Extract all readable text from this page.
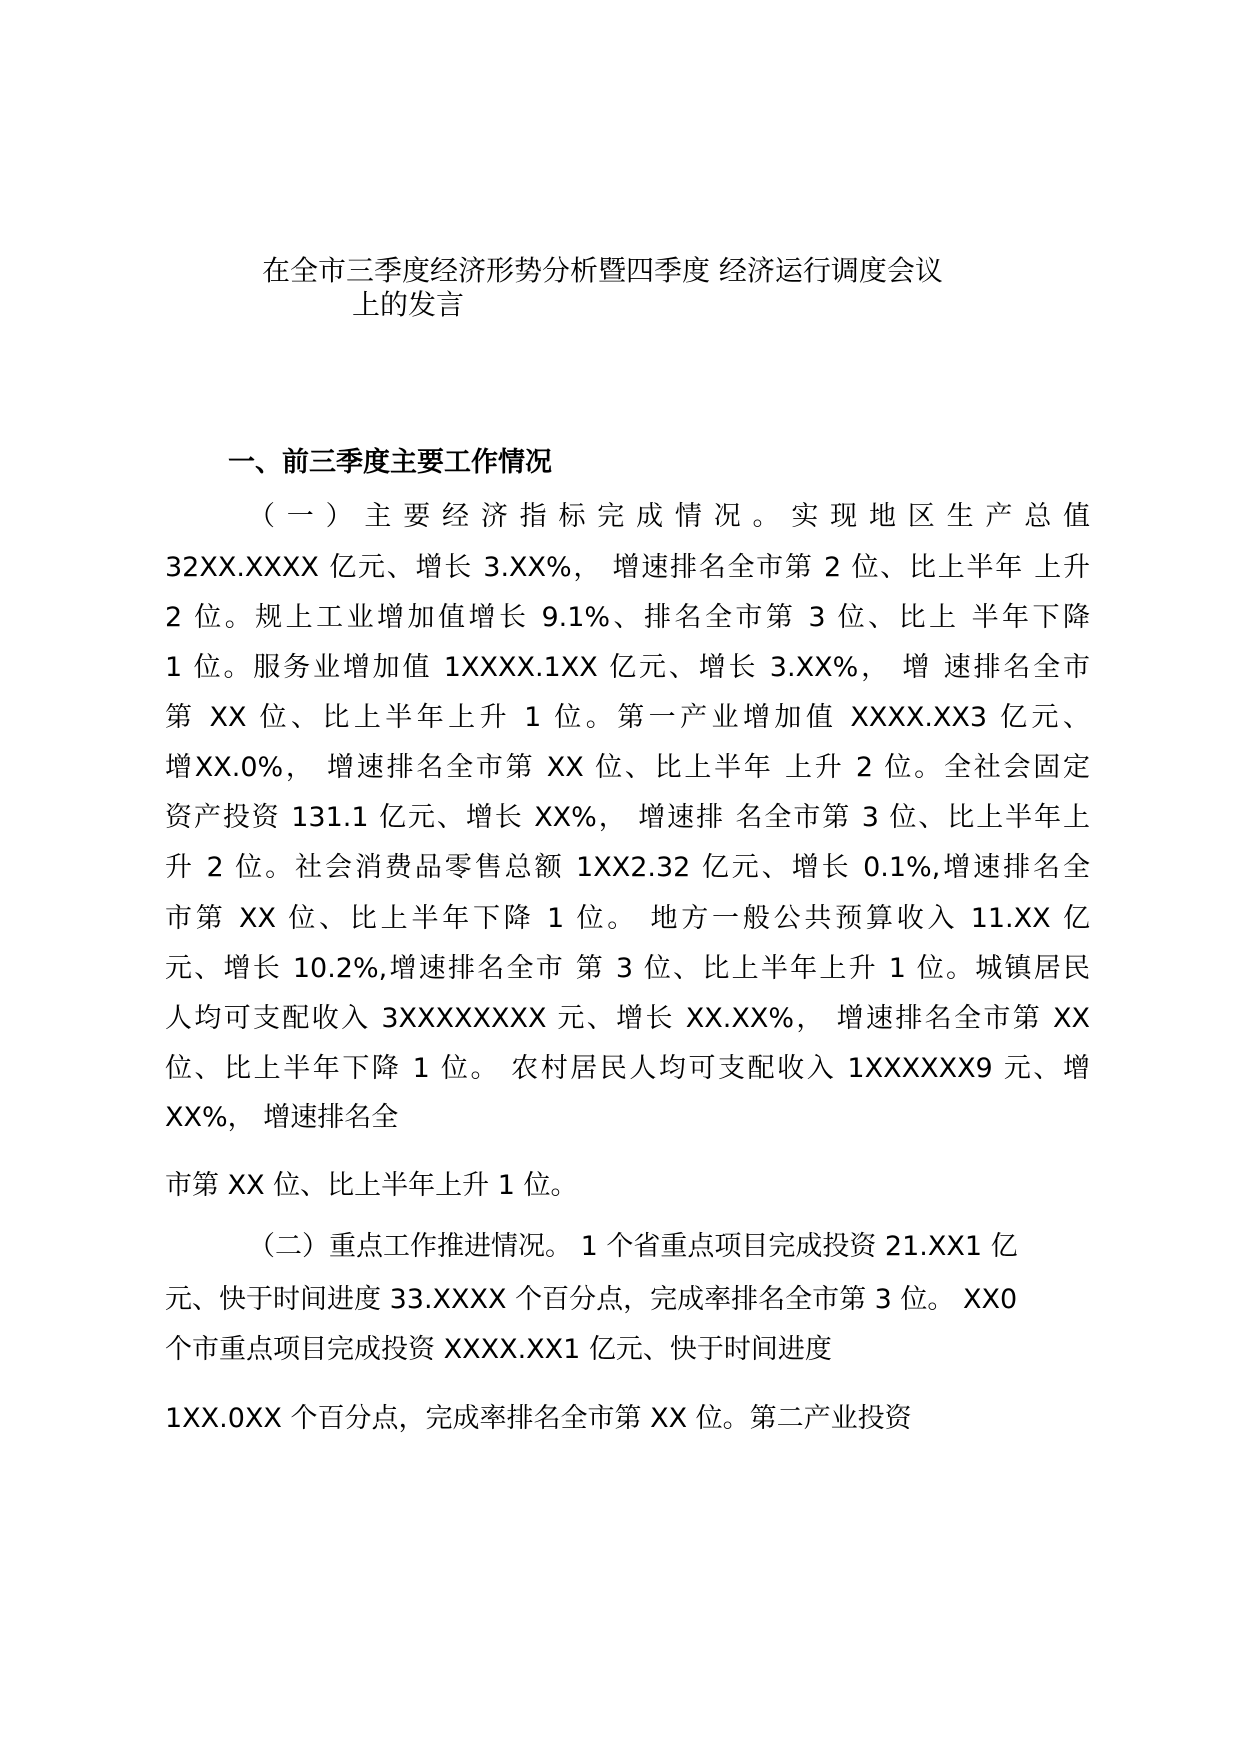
在全市三季度经济形势分析暨四季度 经济运行调度会议
上的发言
一、前三季度主要工作情况
（一）主要经济指标完成情况。实现地区生产总值
32XX.XXXX 亿元、增长 3.XX%， 增速排名全市第 2 位、比上半年 上升
2 位。规上工业增加值增长 9.1%、排名全市第 3 位、比上 半年下降
1 位。服务业增加值 1XXXX.1XX 亿元、增长 3.XX%， 增 速排名全市
第 XX 位、比上半年上升 1 位。第一产业增加值 XXXX.XX3 亿元、
增XX.0%， 增速排名全市第 XX 位、比上半年 上升 2 位。全社会固定
资产投资 131.1 亿元、增长 XX%， 增速排 名全市第 3 位、比上半年上
升 2 位。社会消费品零售总额 1XX2.32 亿元、增长 0.1%,增速排名全
市第 XX 位、比上半年下降 1 位。 地方一般公共预算收入 11.XX 亿
元、增长 10.2%,增速排名全市 第 3 位、比上半年上升 1 位。城镇居民
人均可支配收入 3XXXXXXXX 元、增长 XX.XX%， 增速排名全市第 XX
位、比上半年下降 1 位。 农村居民人均可支配收入 1XXXXXX9 元、增
XX%， 增速排名全
市第 XX 位、比上半年上升 1 位。
（二）重点工作推进情况。 1 个省重点项目完成投资 21.XX1 亿
元、快于时间进度 33.XXXX 个百分点，完成率排名全市第 3 位。 XX0
个市重点项目完成投资 XXXX.XX1 亿元、快于时间进度
1XX.0XX 个百分点，完成率排名全市第 XX 位。第二产业投资
